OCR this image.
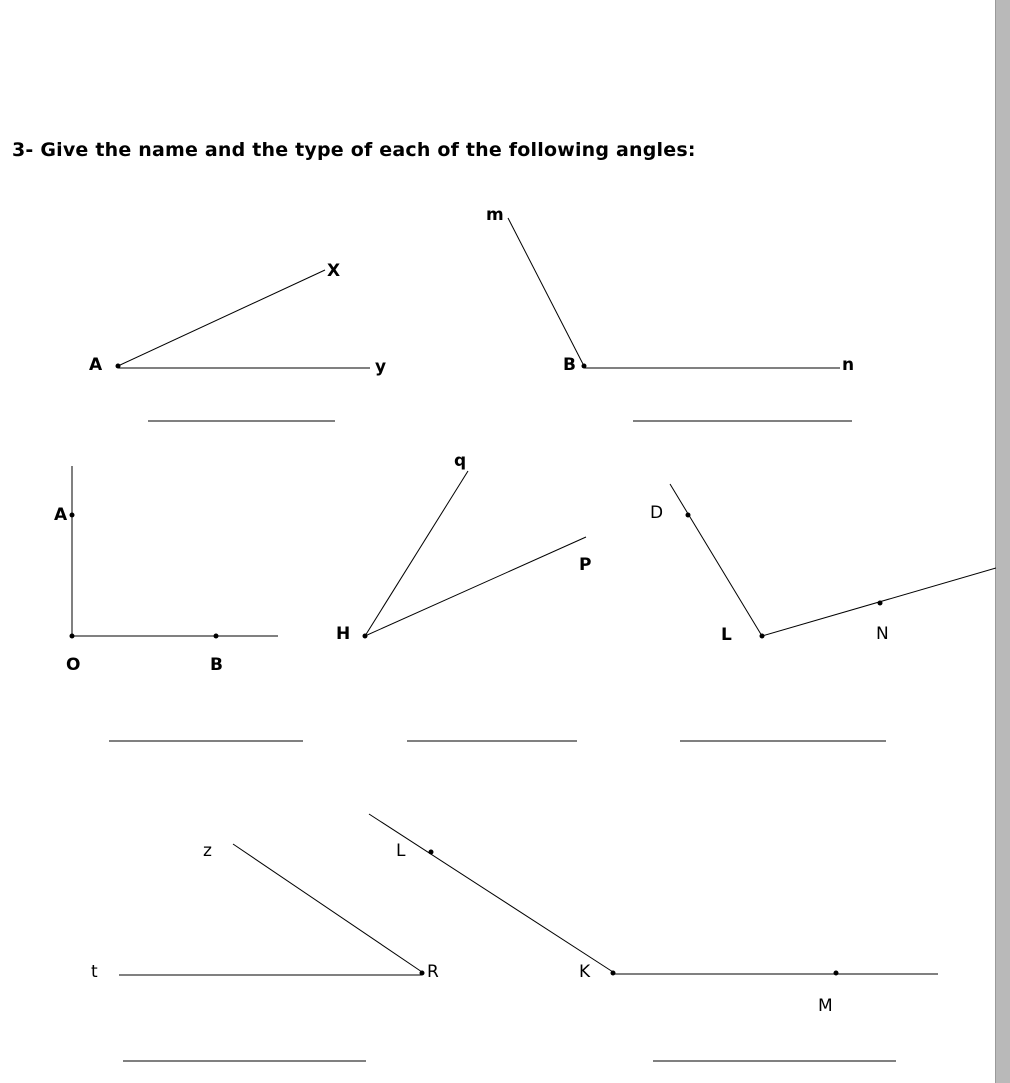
3- Give the name and the type of each of the following angles:
X
A	y
m
B	n
A
O	B
q
P
H
D
L	N
z
t	R
L
K
M
